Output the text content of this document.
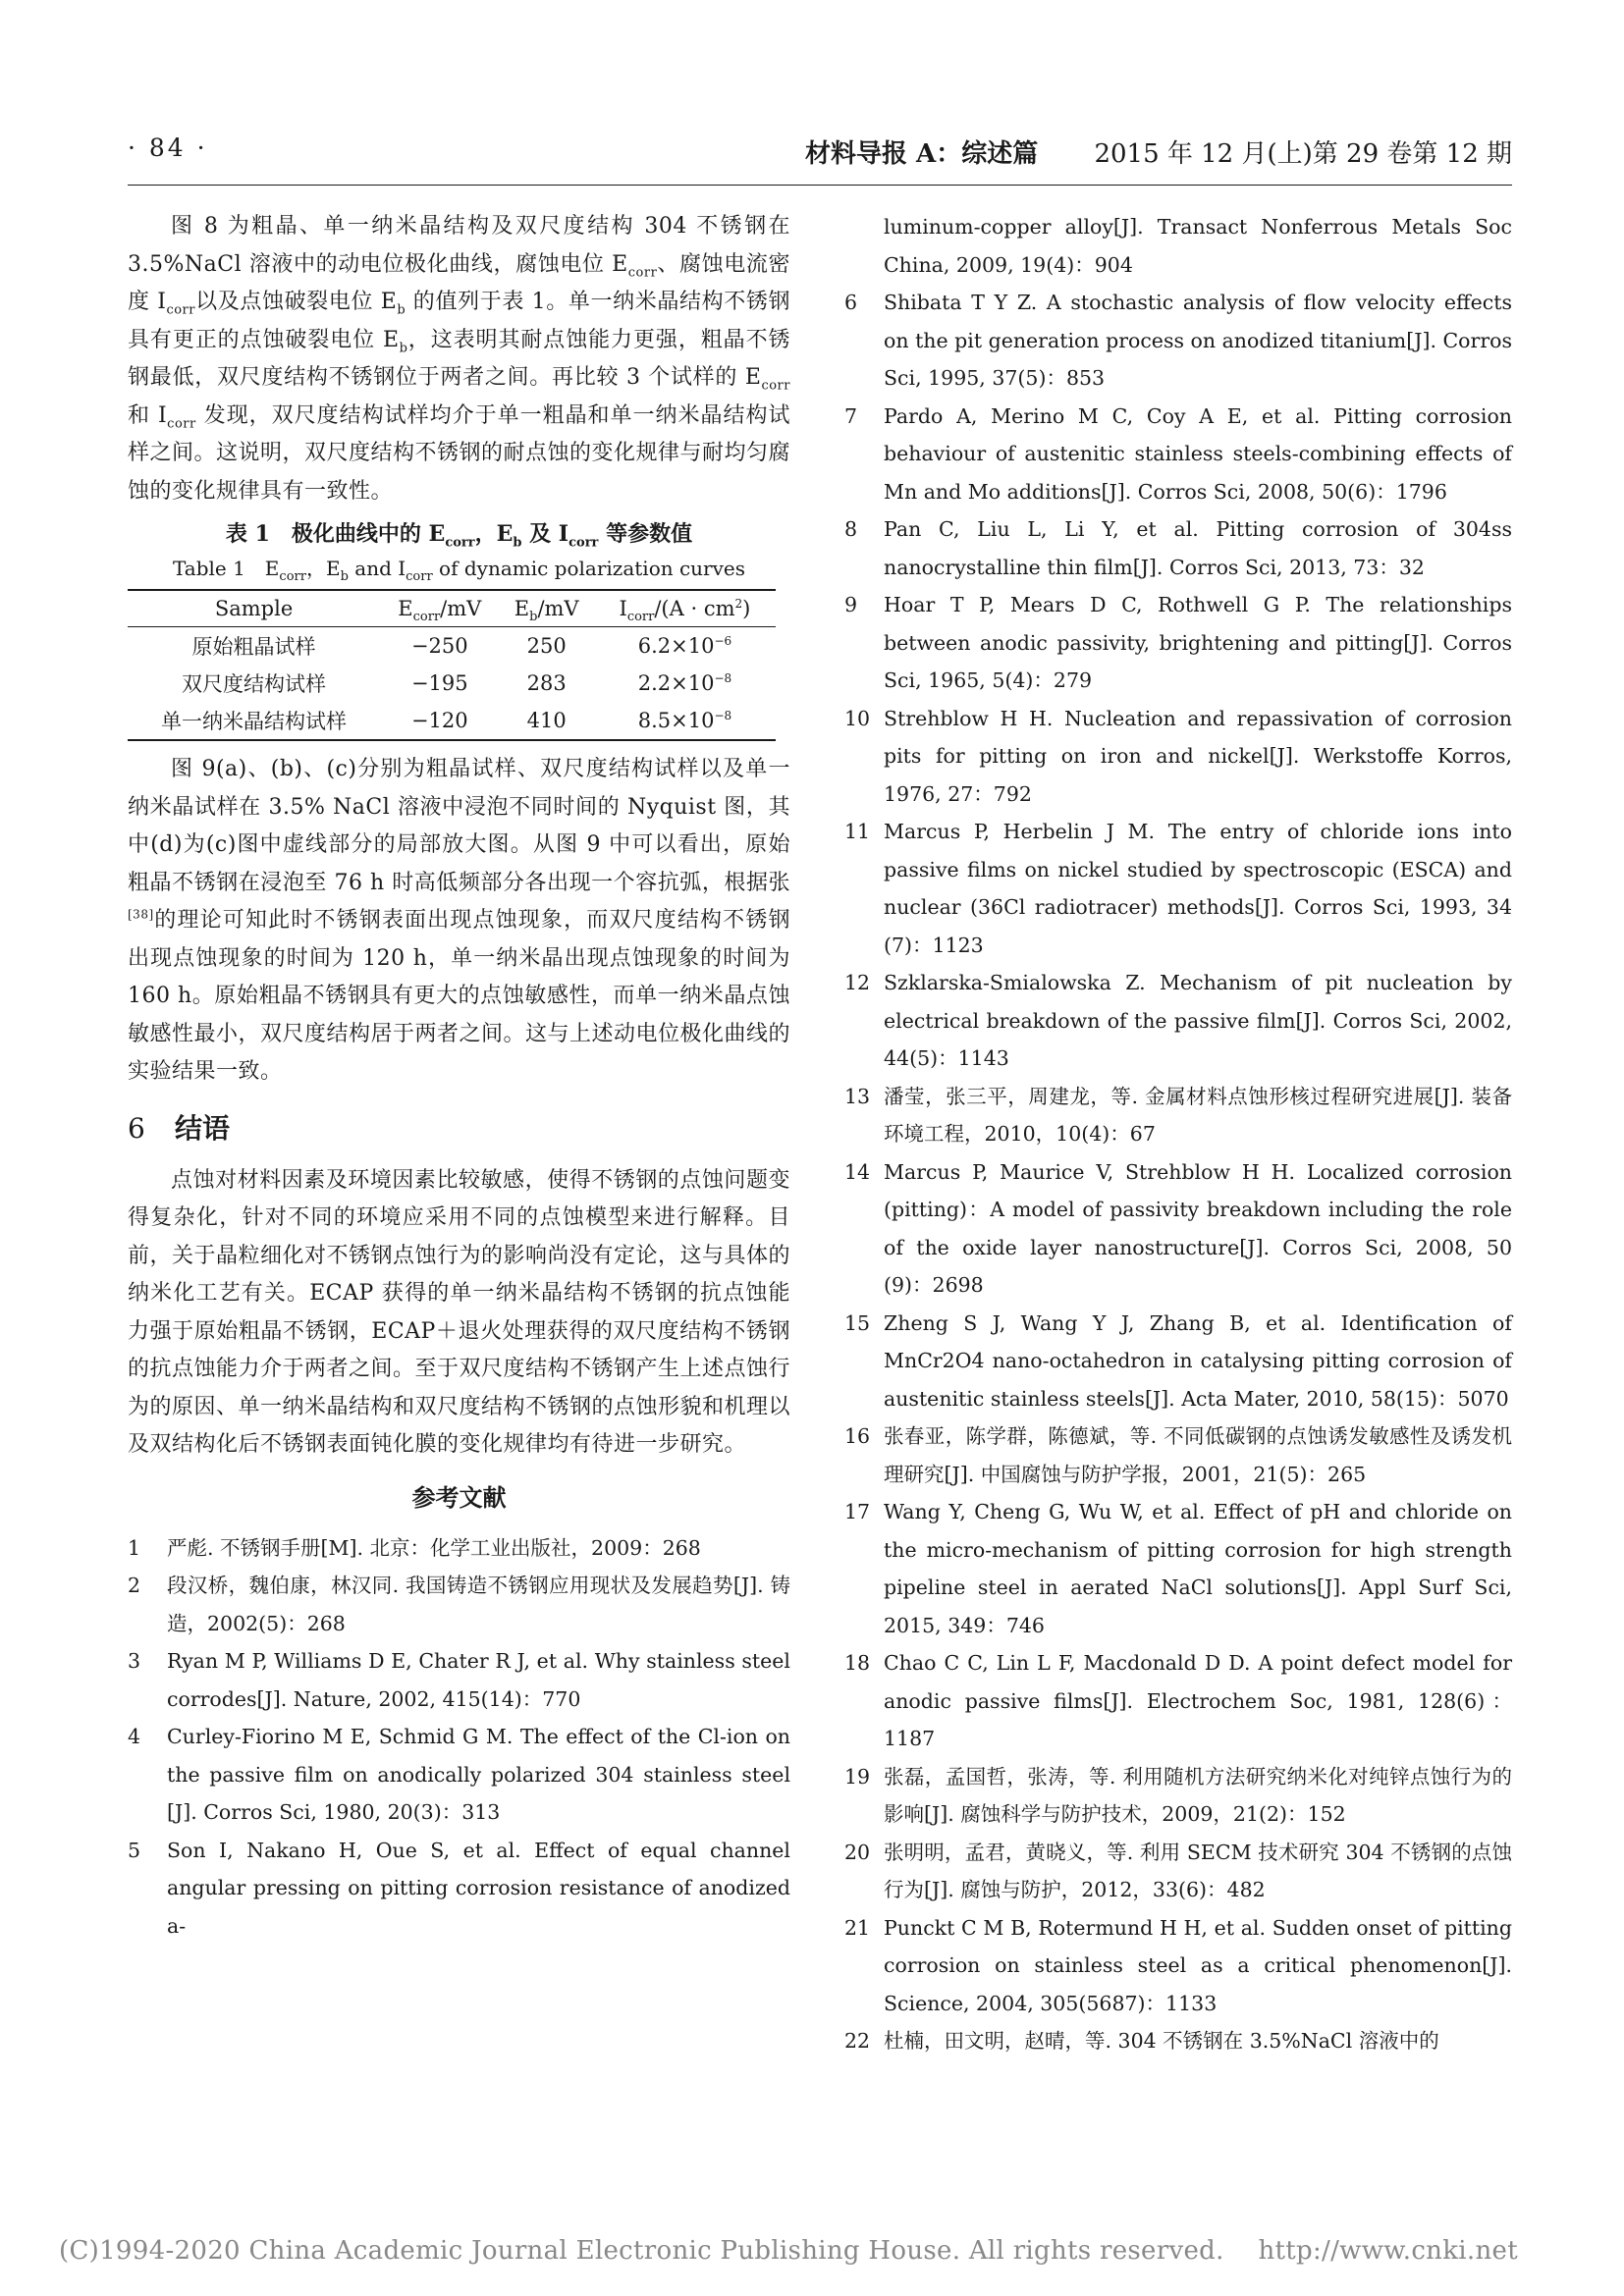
· 84 ·	材料导报 A：综述篇 2015 年 12 月(上)第 29 卷第 12 期

图 8 为粗晶、单一纳米晶结构及双尺度结构 304 不锈钢在 3.5%NaCl 溶液中的动电位极化曲线，腐蚀电位 $E_{corr}$、腐蚀电流密度 $I_{corr}$以及点蚀破裂电位 $E_b$ 的值列于表 1。单一纳米晶结构不锈钢具有更正的点蚀破裂电位 $E_b$，这表明其耐点蚀能力更强，粗晶不锈钢最低，双尺度结构不锈钢位于两者之间。再比较 3 个试样的 $E_{corr}$ 和 $I_{corr}$ 发现，双尺度结构试样均介于单一粗晶和单一纳米晶结构试样之间。这说明，双尺度结构不锈钢的耐点蚀的变化规律与耐均匀腐蚀的变化规律具有一致性。

表 1　极化曲线中的 $E_{corr}$，$E_b$ 及 $I_{corr}$ 等参数值

Table 1　$E_{corr}$，$E_b$ and $I_{corr}$ of dynamic polarization curves

Sample	$E_{corr}/mV$	$E_b/mV$	$I_{corr}/(A \cdot cm^2)$
原始粗晶试样	−250	250	$6.2\times 10^{-6}$
双尺度结构试样	−195	283	$2.2\times 10^{-8}$
单一纳米晶结构试样	−120	410	$8.5\times 10^{-8}$

图 9(a)、(b)、(c)分别为粗晶试样、双尺度结构试样以及单一纳米晶试样在 3.5% NaCl 溶液中浸泡不同时间的 Nyquist 图，其中(d)为(c)图中虚线部分的局部放大图。从图 9 中可以看出，原始粗晶不锈钢在浸泡至 76 h 时高低频部分各出现一个容抗弧，根据张[38]的理论可知此时不锈钢表面出现点蚀现象，而双尺度结构不锈钢出现点蚀现象的时间为 120 h，单一纳米晶出现点蚀现象的时间为 160 h。原始粗晶不锈钢具有更大的点蚀敏感性，而单一纳米晶点蚀敏感性最小，双尺度结构居于两者之间。这与上述动电位极化曲线的实验结果一致。

6 结语

点蚀对材料因素及环境因素比较敏感，使得不锈钢的点蚀问题变得复杂化，针对不同的环境应采用不同的点蚀模型来进行解释。目前，关于晶粒细化对不锈钢点蚀行为的影响尚没有定论，这与具体的纳米化工艺有关。ECAP 获得的单一纳米晶结构不锈钢的抗点蚀能力强于原始粗晶不锈钢，ECAP＋退火处理获得的双尺度结构不锈钢的抗点蚀能力介于两者之间。至于双尺度结构不锈钢产生上述点蚀行为的原因、单一纳米晶结构和双尺度结构不锈钢的点蚀形貌和机理以及双结构化后不锈钢表面钝化膜的变化规律均有待进一步研究。

参考文献
1	严彪. 不锈钢手册[M]. 北京：化学工业出版社，2009：268
2	段汉桥，魏伯康，林汉同. 我国铸造不锈钢应用现状及发展趋势[J]. 铸造，2002(5)：268
3	Ryan M P, Williams D E, Chater R J, et al. Why stainless steel corrodes[J]. Nature, 2002, 415(14)：770
4	Curley-Fiorino M E, Schmid G M. The effect of the Cl-ion on the passive film on anodically polarized 304 stainless steel [J]. Corros Sci, 1980, 20(3)：313
5	Son I, Nakano H, Oue S, et al. Effect of equal channel angular pressing on pitting corrosion resistance of anodized a-
luminum-copper alloy[J]. Transact Nonferrous Metals Soc China, 2009, 19(4)：904
6	Shibata T Y Z. A stochastic analysis of flow velocity effects on the pit generation process on anodized titanium[J]. Corros Sci, 1995, 37(5)：853
7	Pardo A, Merino M C, Coy A E, et al. Pitting corrosion behaviour of austenitic stainless steels-combining effects of Mn and Mo additions[J]. Corros Sci, 2008, 50(6)：1796
8	Pan C, Liu L, Li Y, et al. Pitting corrosion of 304ss nanocrystalline thin film[J]. Corros Sci, 2013, 73：32
9	Hoar T P, Mears D C, Rothwell G P. The relationships between anodic passivity, brightening and pitting[J]. Corros Sci, 1965, 5(4)：279
10 Strehblow H H. Nucleation and repassivation of corrosion pits for pitting on iron and nickel[J]. Werkstoffe Korros, 1976, 27：792
11 Marcus P, Herbelin J M. The entry of chloride ions into passive films on nickel studied by spectroscopic (ESCA) and nuclear (36Cl radiotracer) methods[J]. Corros Sci, 1993, 34 (7)：1123
12 Szklarska-Smialowska Z. Mechanism of pit nucleation by electrical breakdown of the passive film[J]. Corros Sci, 2002, 44(5)：1143
13 潘莹，张三平，周建龙，等. 金属材料点蚀形核过程研究进展[J]. 装备环境工程，2010，10(4)：67
14 Marcus P, Maurice V, Strehblow H H. Localized corrosion (pitting)：A model of passivity breakdown including the role of the oxide layer nanostructure[J]. Corros Sci, 2008, 50 (9)：2698
15 Zheng S J, Wang Y J, Zhang B, et al. Identification of MnCr2O4 nano-octahedron in catalysing pitting corrosion of austenitic stainless steels[J]. Acta Mater, 2010, 58(15)：5070
16 张春亚，陈学群，陈德斌，等. 不同低碳钢的点蚀诱发敏感性及诱发机理研究[J]. 中国腐蚀与防护学报，2001，21(5)：265
17 Wang Y, Cheng G, Wu W, et al. Effect of pH and chloride on the micro-mechanism of pitting corrosion for high strength pipeline steel in aerated NaCl solutions[J]. Appl Surf Sci, 2015, 349：746
18 Chao C C, Lin L F, Macdonald D D. A point defect model for anodic passive films[J]. Electrochem Soc, 1981, 128(6)：1187
19 张磊，孟国哲，张涛，等. 利用随机方法研究纳米化对纯锌点蚀行为的影响[J]. 腐蚀科学与防护技术，2009，21(2)：152
20 张明明，孟君，黄晓义，等. 利用 SECM 技术研究 304 不锈钢的点蚀行为[J]. 腐蚀与防护，2012，33(6)：482
21 Punckt C M B, Rotermund H H, et al. Sudden onset of pitting corrosion on stainless steel as a critical phenomenon[J]. Science, 2004, 305(5687)：1133
22 杜楠，田文明，赵晴，等. 304 不锈钢在 3.5%NaCl 溶液中的
(C)1994-2020 China Academic Journal Electronic Publishing House. All rights reserved.　 http://www.cnki.net
